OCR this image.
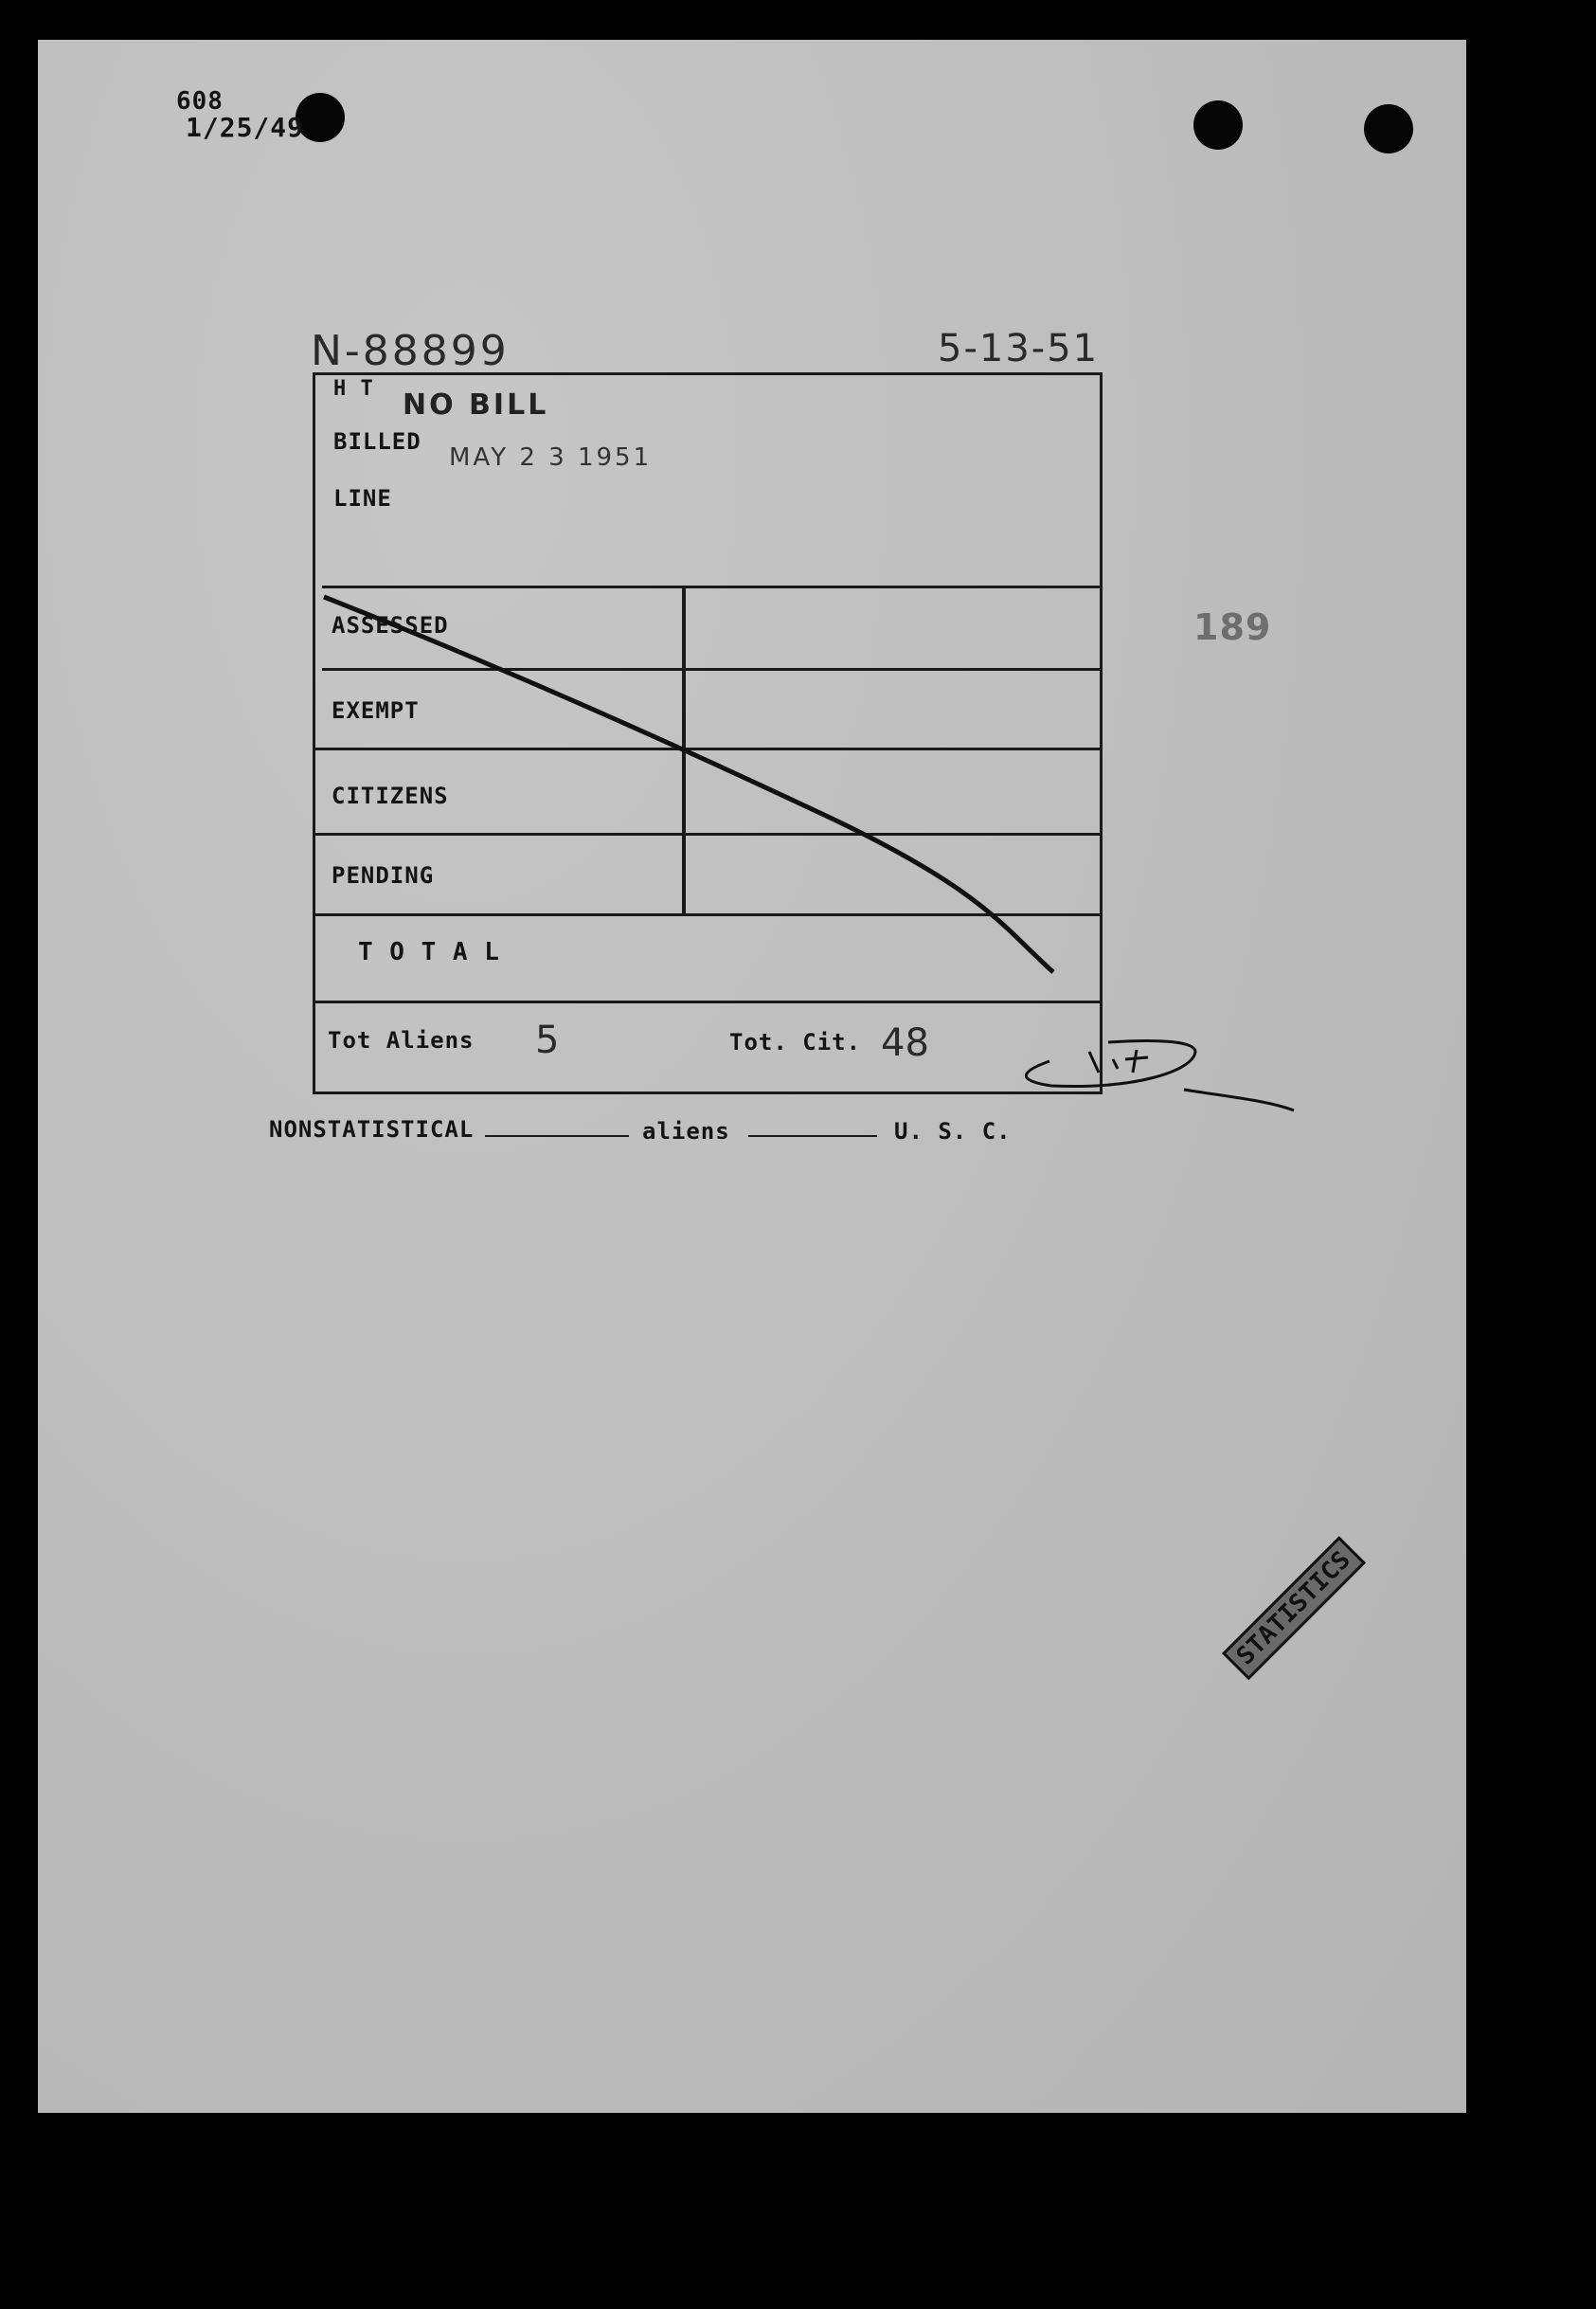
608
1/25/49
N-88899	5-13-51
H T NO BILL
BILLED
MAY 2 3 1951
LINE
ASSESSED
EXEMPT
CITIZENS
PENDING
T O T A L
Tot Aliens 5	Tot. Cit. 48
NONSTATISTICAL	aliens	U. S. C.
189
STATISTICS
